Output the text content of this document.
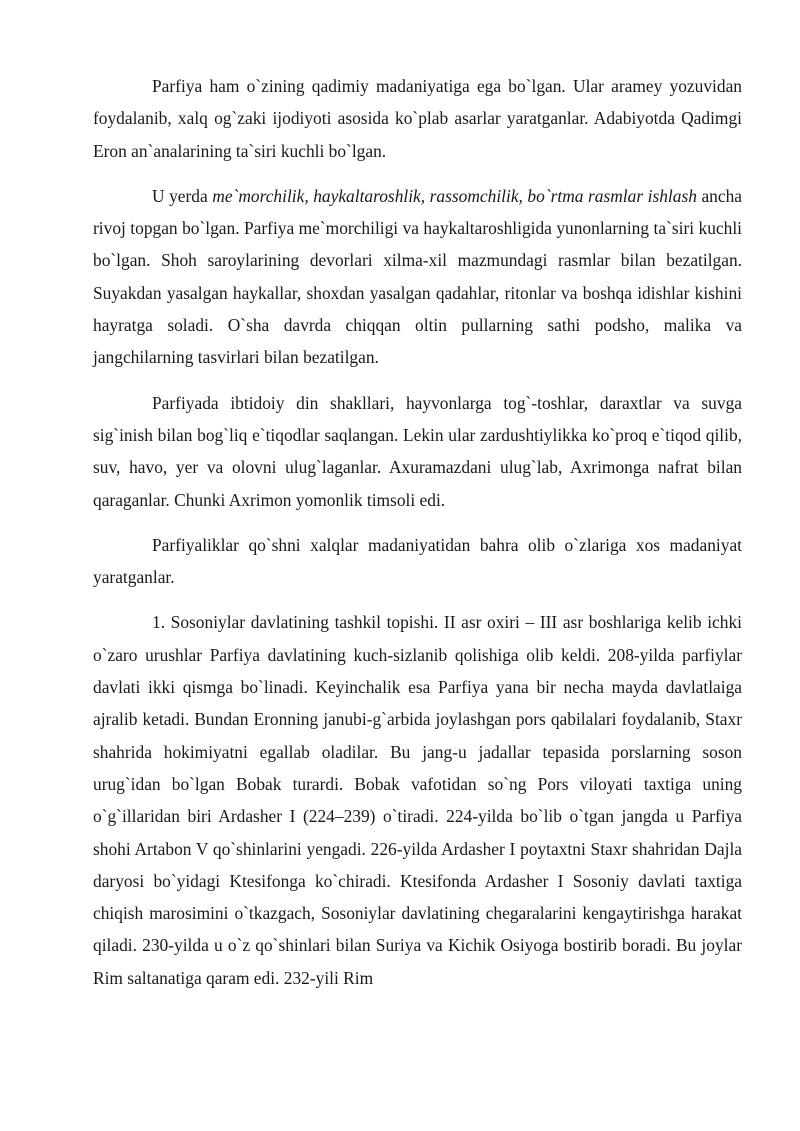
Parfiya ham o`zining qadimiy madaniyatiga ega bo`lgan. Ular aramey yozuvidan foydalanib, xalq og`zaki ijodiyoti asosida ko`plab asarlar yaratganlar. Adabiyotda Qadimgi Eron an`analarining ta`siri kuchli bo`lgan.

U yerda me`morchilik, haykaltaroshlik, rassomchilik, bo`rtma rasmlar ishlash ancha rivoj topgan bo`lgan. Parfiya me`morchiligi va haykaltaroshligida yunonlarning ta`siri kuchli bo`lgan. Shoh saroylarining devorlari xilma-xil mazmundagi rasmlar bilan bezatilgan. Suyakdan yasalgan haykallar, shoxdan yasalgan qadahlar, ritonlar va boshqa idishlar kishini hayratga soladi. O`sha davrda chiqqan oltin pullarning sathi podsho, malika va jangchilarning tasvirlari bilan bezatilgan.

Parfiyada ibtidoiy din shakllari, hayvonlarga tog`-toshlar, daraxtlar va suvga sig`inish bilan bog`liq e`tiqodlar saqlangan. Lekin ular zardushtiylikka ko`proq e`tiqod qilib, suv, havo, yer va olovni ulug`laganlar. Axuramazdani ulug`lab, Axrimonga nafrat bilan qaraganlar. Chunki Axrimon yomonlik timsoli edi.

Parfiyaliklar qo`shni xalqlar madaniyatidan bahra olib o`zlariga xos madaniyat yaratganlar.

1. Sosoniylar davlatining tashkil topishi. II asr oxiri – III asr boshlariga kelib ichki o`zaro urushlar Parfiya davlatining kuch-sizlanib qolishiga olib keldi. 208-yilda parfiylar davlati ikki qismga bo`linadi. Keyinchalik esa Parfiya yana bir necha mayda davlatlaiga ajralib ketadi. Bundan Eronning janubi-g`arbida joylashgan pors qabilalari foydalanib, Staxr shahrida hokimiyatni egallab oladilar. Bu jang-u jadallar tepasida porslarning soson urug`idan bo`lgan Bobak turardi. Bobak vafotidan so`ng Pors viloyati taxtiga uning o`g`illaridan biri Ardasher I (224–239) o`tiradi. 224-yilda bo`lib o`tgan jangda u Parfiya shohi Artabon V qo`shinlarini yengadi. 226-yilda Ardasher I poytaxtni Staxr shahridan Dajla daryosi bo`yidagi Ktesifonga ko`chiradi. Ktesifonda Ardasher I Sosoniy davlati taxtiga chiqish marosimini o`tkazgach, Sosoniylar davlatining chegaralarini kengaytirishga harakat qiladi. 230-yilda u o`z qo`shinlari bilan Suriya va Kichik Osiyoga bostirib boradi. Bu joylar Rim saltanatiga qaram edi. 232-yili Rim
